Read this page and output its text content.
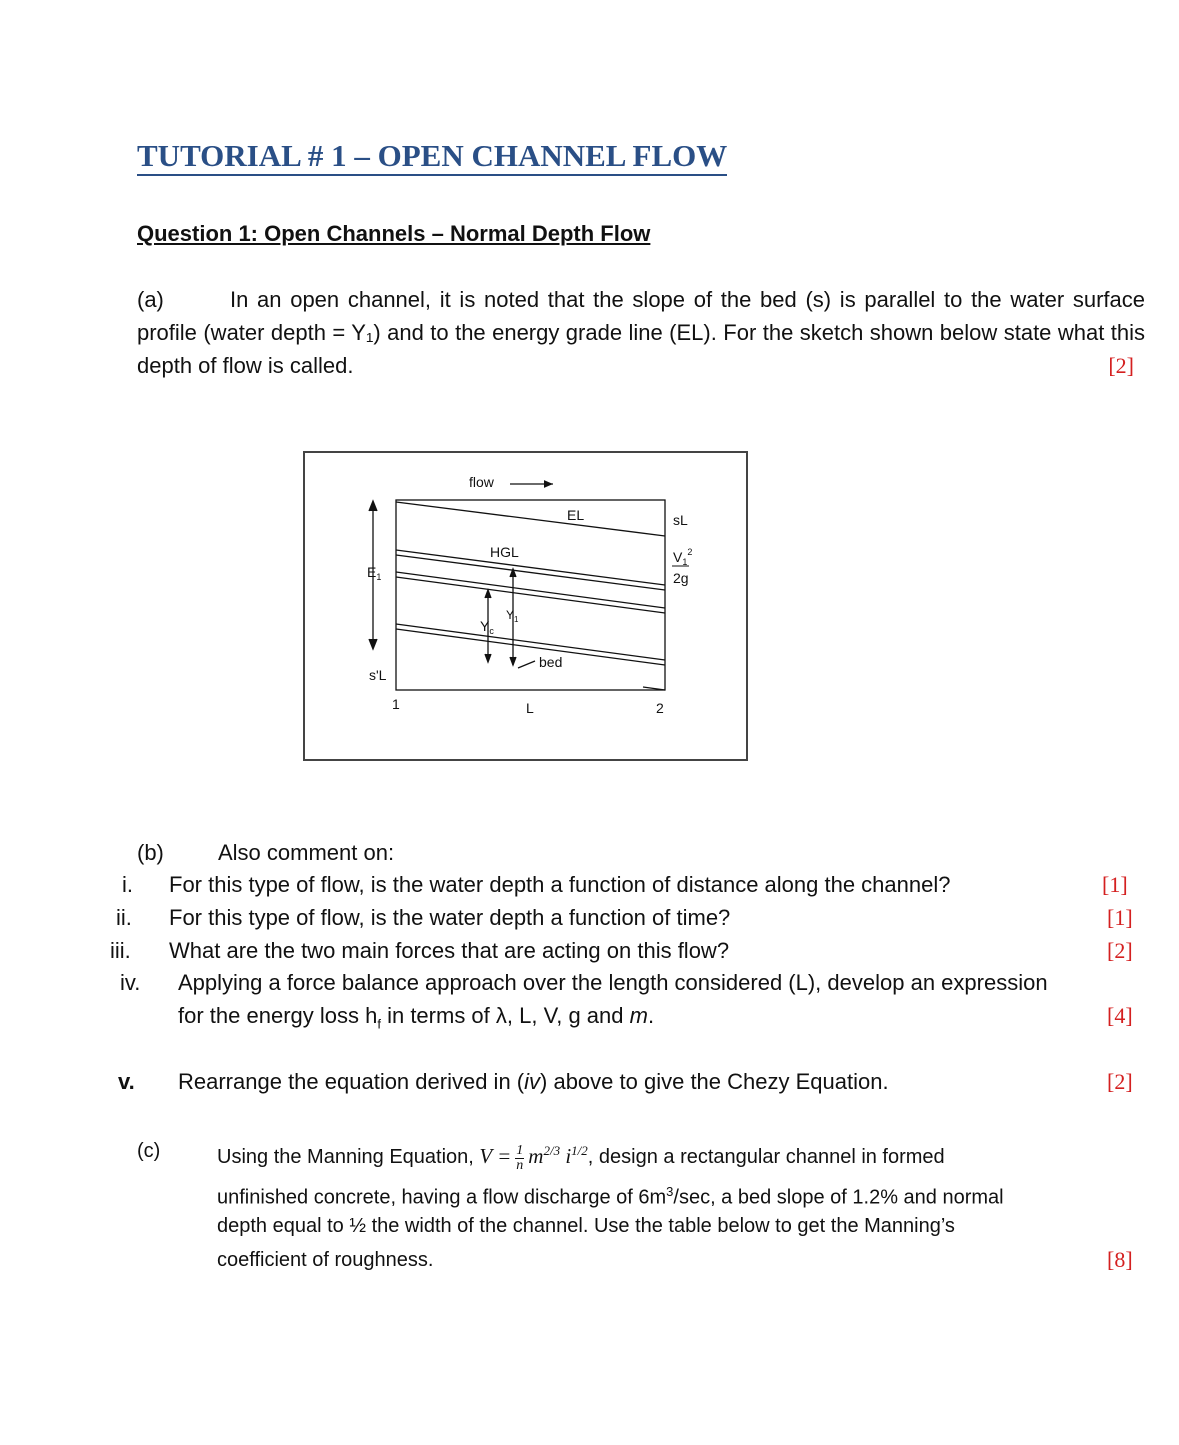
TUTORIAL # 1 – OPEN CHANNEL FLOW
Question 1: Open Channels – Normal Depth Flow
(a)	In an open channel, it is noted that the slope of the bed (s) is parallel to the water surface profile (water depth = Y₁) and to the energy grade line (EL). For the sketch shown below state what this depth of flow is called.	[2]
flow
EL
HGL
bed
sL
$V_1^2$
2g
$E_1$
s'L
$Y_c$
$Y_1$
1	L	2
(b) Also comment on:
i. For this type of flow, is the water depth a function of distance along the channel?	[1]
ii. For this type of flow, is the water depth a function of time?	[1]
iii. What are the two main forces that are acting on this flow?	[2]
iv. Applying a force balance approach over the length considered (L), develop an expression
for the energy loss $h_f$ in terms of λ, L, V, g and m.	[4]
v. Rearrange the equation derived in (iv) above to give the Chezy Equation.	[2]
(c)	Using the Manning Equation, $V = \frac{1}{n} m^{2/3}$ $i^{1/2}$, design a rectangular channel in formed
unfinished concrete, having a flow discharge of $6m^3/\sec$, a bed slope of 1.2% and normal
depth equal to ½ the width of the channel. Use the table below to get the Manning’s
coefficient of roughness.	[8]
